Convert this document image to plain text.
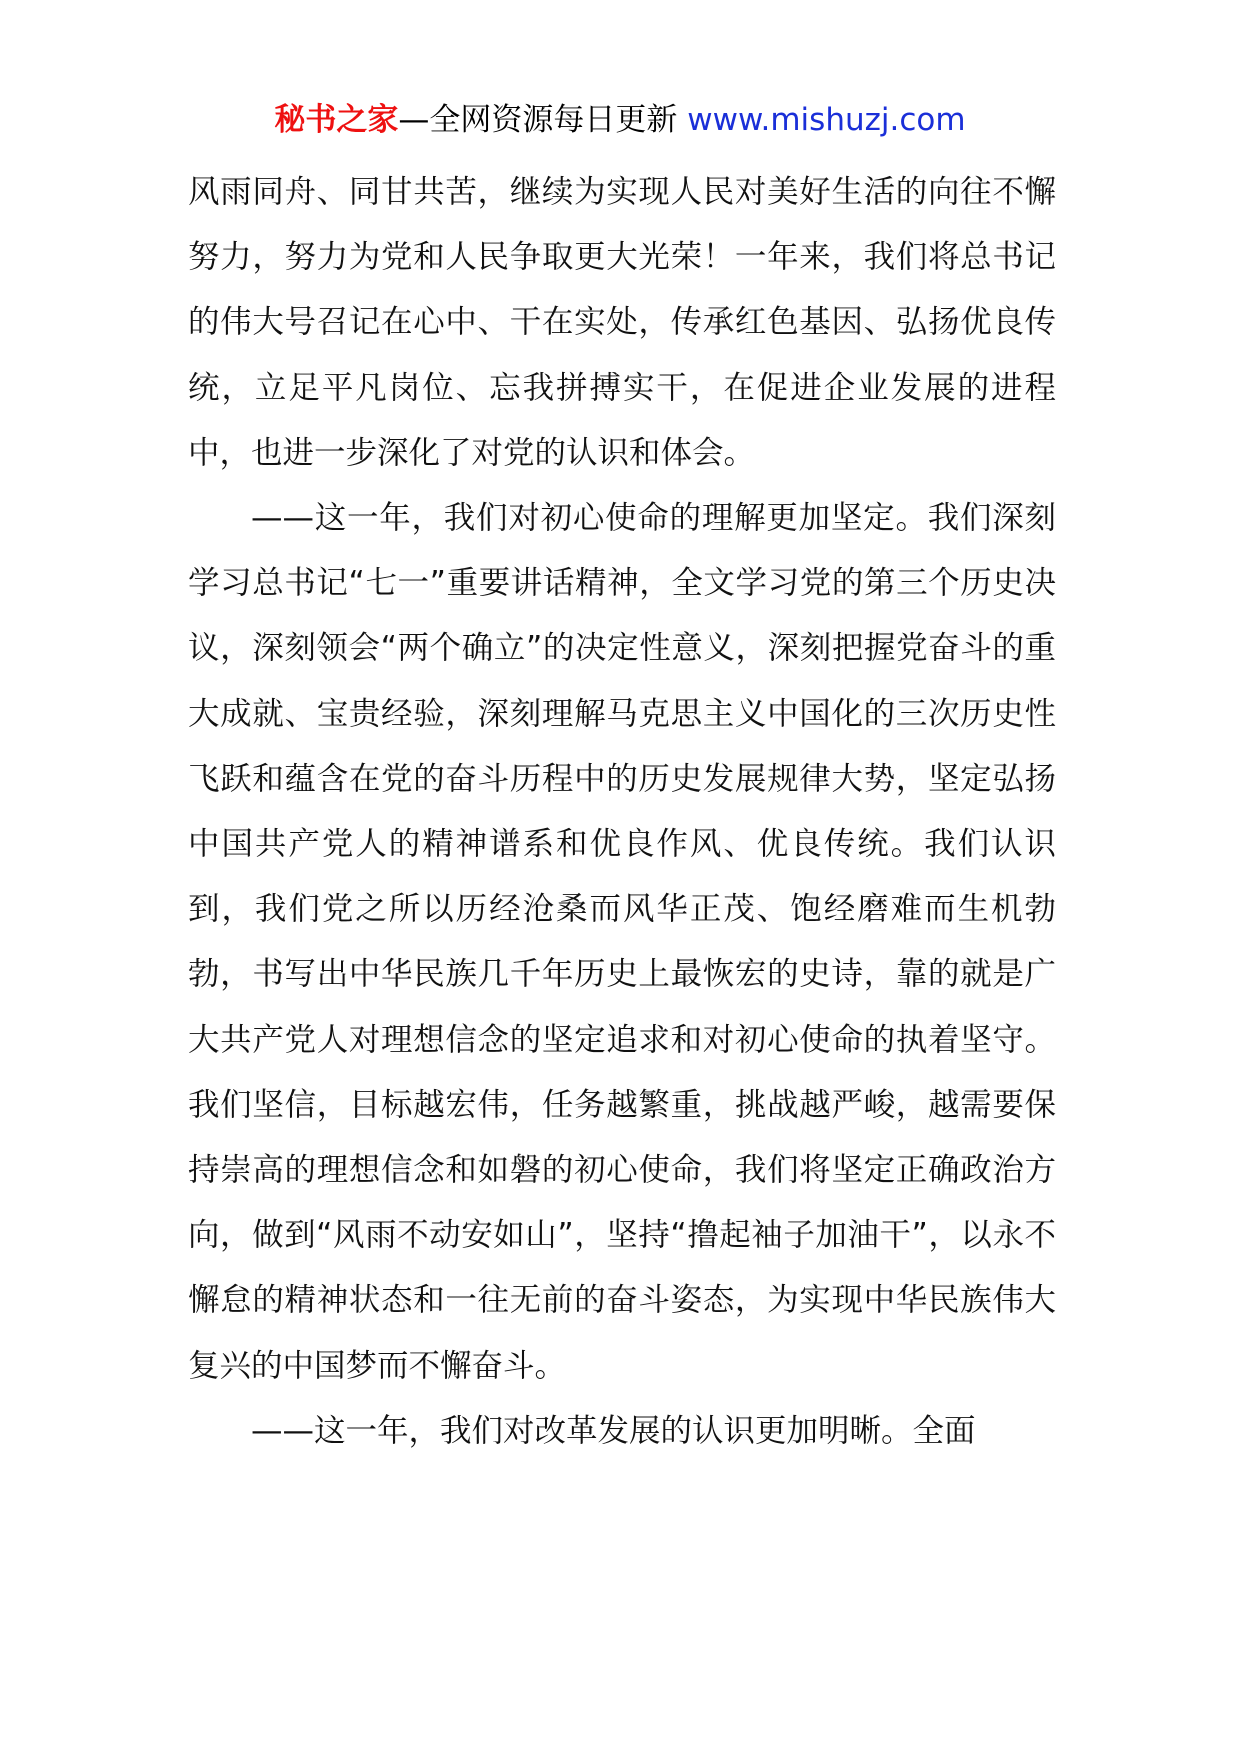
秘书之家—全网资源每日更新 www.mishuzj.com

风雨同舟、同甘共苦，继续为实现人民对美好生活的向往不懈努力，努力为党和人民争取更大光荣！一年来，我们将总书记的伟大号召记在心中、干在实处，传承红色基因、弘扬优良传统，立足平凡岗位、忘我拼搏实干，在促进企业发展的进程中，也进一步深化了对党的认识和体会。

——这一年，我们对初心使命的理解更加坚定。我们深刻学习总书记“七一”重要讲话精神，全文学习党的第三个历史决议，深刻领会“两个确立”的决定性意义，深刻把握党奋斗的重大成就、宝贵经验，深刻理解马克思主义中国化的三次历史性飞跃和蕴含在党的奋斗历程中的历史发展规律大势，坚定弘扬中国共产党人的精神谱系和优良作风、优良传统。我们认识到，我们党之所以历经沧桑而风华正茂、饱经磨难而生机勃勃，书写出中华民族几千年历史上最恢宏的史诗，靠的就是广大共产党人对理想信念的坚定追求和对初心使命的执着坚守。我们坚信，目标越宏伟，任务越繁重，挑战越严峻，越需要保持崇高的理想信念和如磐的初心使命，我们将坚定正确政治方向，做到“风雨不动安如山”，坚持“撸起袖子加油干”，以永不懈怠的精神状态和一往无前的奋斗姿态，为实现中华民族伟大复兴的中国梦而不懈奋斗。

——这一年，我们对改革发展的认识更加明晰。全面
